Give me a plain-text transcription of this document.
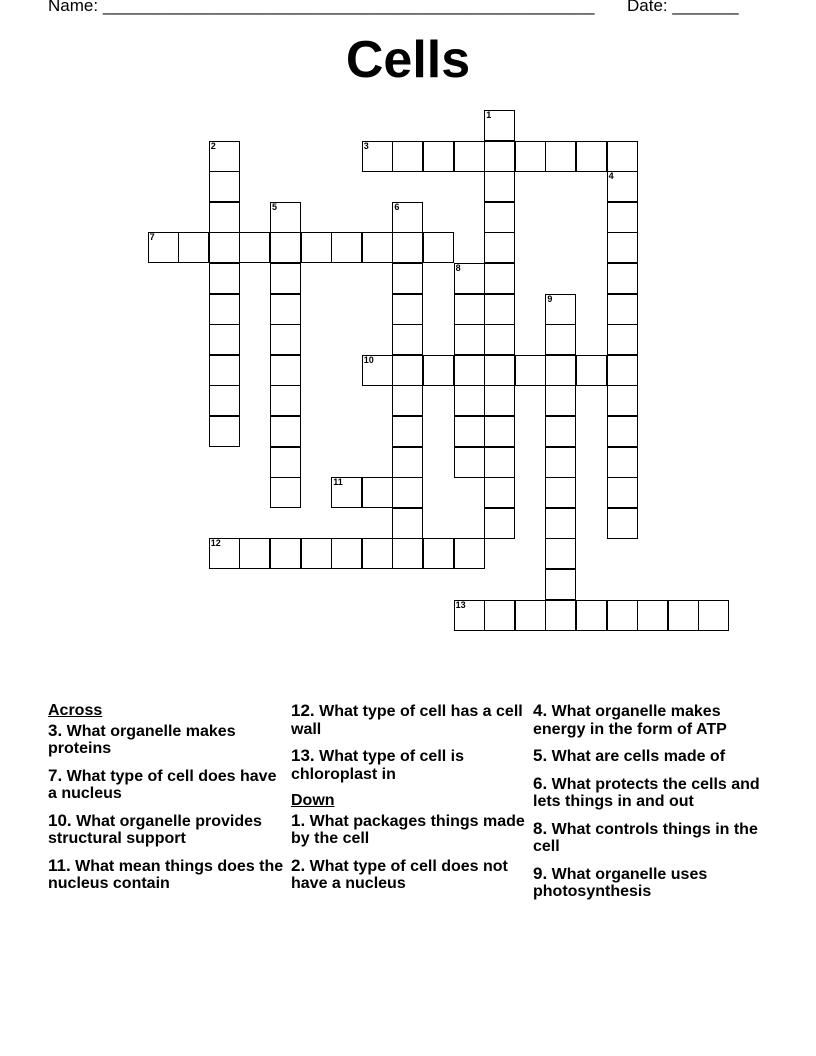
Name: ____________________________________________________ Date: _______
Cells
1
2	3
4
5	6
7
8
9
10
11
12
13
Across
3. What organelle makes proteins
7. What type of cell does have a nucleus
10. What organelle provides structural support
11. What mean things does the nucleus contain
12. What type of cell has a cell wall
13. What type of cell is chloroplast in
Down
1. What packages things made by the cell
2. What type of cell does not have a nucleus
4. What organelle makes energy in the form of ATP
5. What are cells made of
6. What protects the cells and lets things in and out
8. What controls things in the cell
9. What organelle uses photosynthesis
